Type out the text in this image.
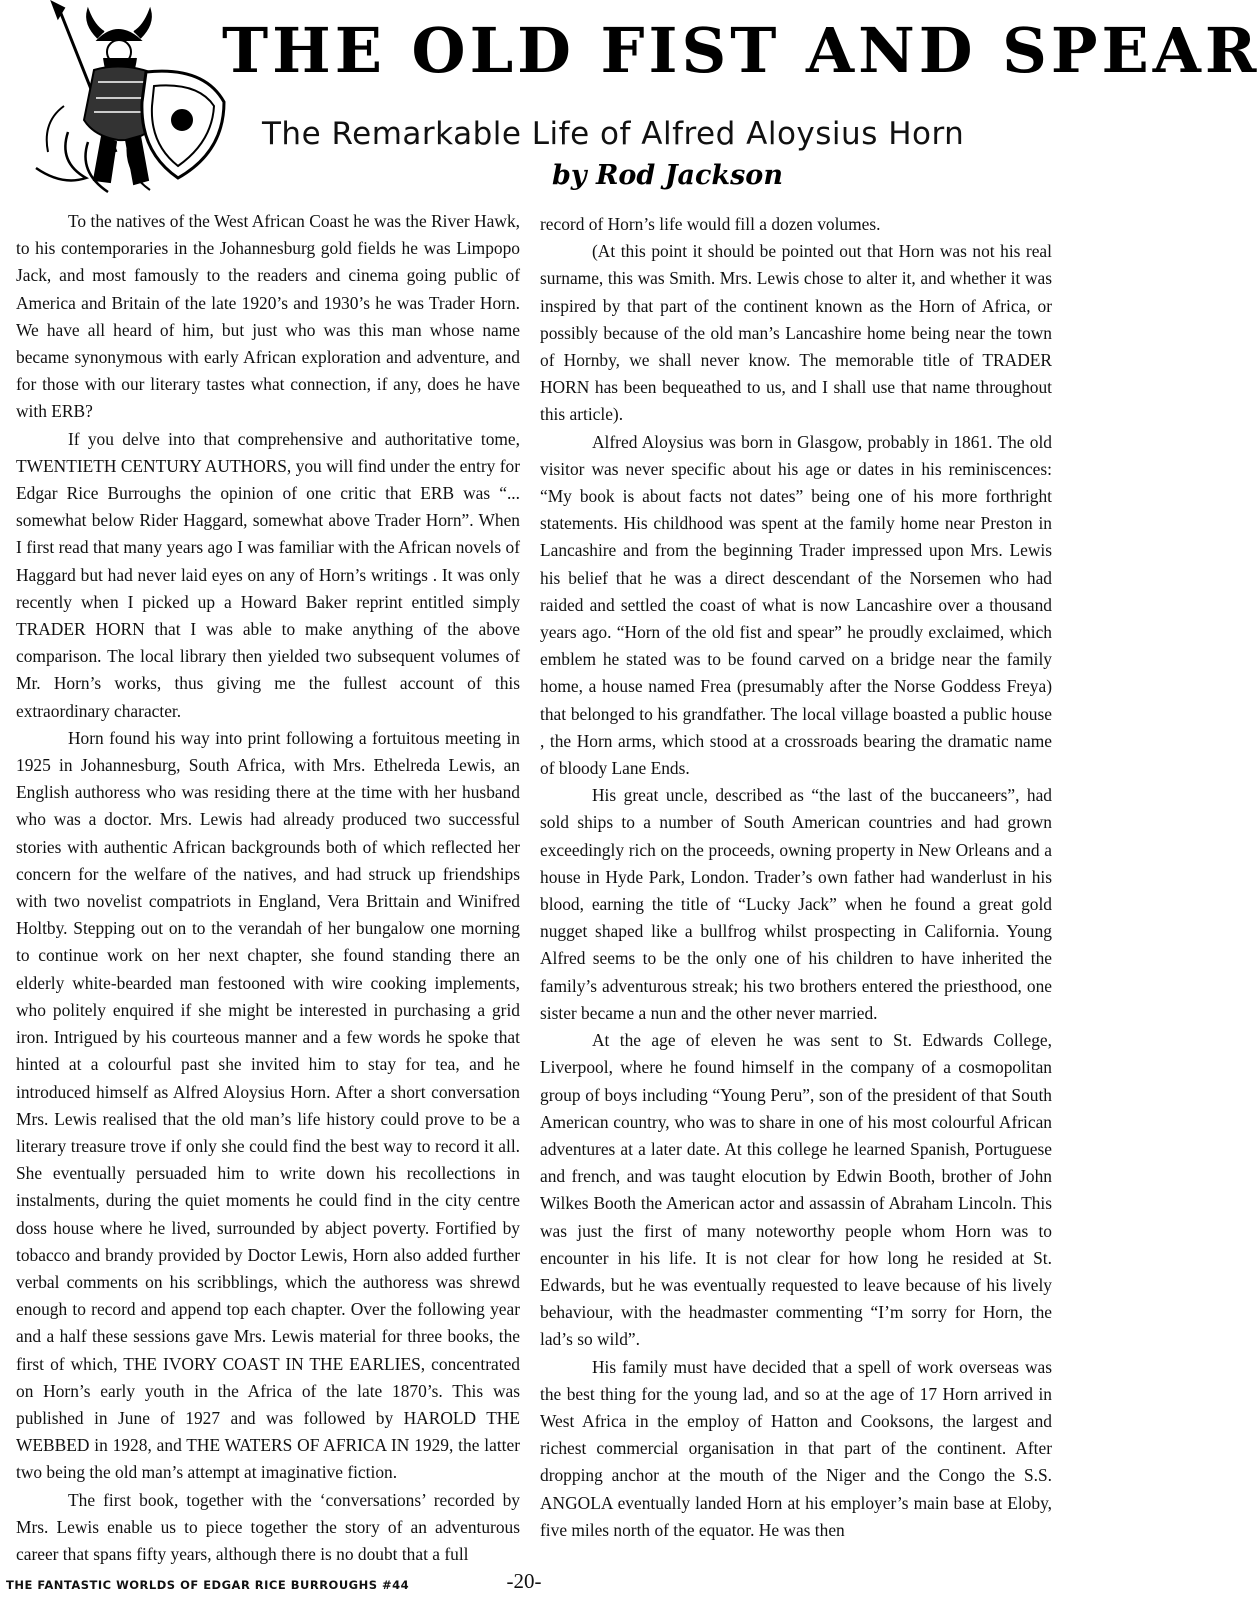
THE OLD FIST AND SPEAR
The Remarkable Life of Alfred Aloysius Horn
by Rod Jackson

To the natives of the West African Coast he was the River Hawk, to his contemporaries in the Johannesburg gold fields he was Limpopo Jack, and most famously to the readers and cinema going public of America and Britain of the late 1920’s and 1930’s he was Trader Horn. We have all heard of him, but just who was this man whose name became synonymous with early African exploration and adventure, and for those with our literary tastes what connection, if any, does he have with ERB?

If you delve into that comprehensive and authoritative tome, TWENTIETH CENTURY AUTHORS, you will find under the entry for Edgar Rice Burroughs the opinion of one critic that ERB was “... somewhat below Rider Haggard, somewhat above Trader Horn”. When I first read that many years ago I was familiar with the African novels of Haggard but had never laid eyes on any of Horn’s writings . It was only recently when I picked up a Howard Baker reprint entitled simply TRADER HORN that I was able to make anything of the above comparison. The local library then yielded two subsequent volumes of Mr. Horn’s works, thus giving me the fullest account of this extraordinary character.

Horn found his way into print following a fortuitous meeting in 1925 in Johannesburg, South Africa, with Mrs. Ethelreda Lewis, an English authoress who was residing there at the time with her husband who was a doctor. Mrs. Lewis had already produced two successful stories with authentic African backgrounds both of which reflected her concern for the welfare of the natives, and had struck up friendships with two novelist compatriots in England, Vera Brittain and Winifred Holtby. Stepping out on to the verandah of her bungalow one morning to continue work on her next chapter, she found standing there an elderly white-bearded man festooned with wire cooking implements, who politely enquired if she might be interested in purchasing a grid iron. Intrigued by his courteous manner and a few words he spoke that hinted at a colourful past she invited him to stay for tea, and he introduced himself as Alfred Aloysius Horn. After a short conversation Mrs. Lewis realised that the old man’s life history could prove to be a literary treasure trove if only she could find the best way to record it all. She eventually persuaded him to write down his recollections in instalments, during the quiet moments he could find in the city centre doss house where he lived, surrounded by abject poverty. Fortified by tobacco and brandy provided by Doctor Lewis, Horn also added further verbal comments on his scribblings, which the authoress was shrewd enough to record and append top each chapter. Over the following year and a half these sessions gave Mrs. Lewis material for three books, the first of which, THE IVORY COAST IN THE EARLIES, concentrated on Horn’s early youth in the Africa of the late 1870’s. This was published in June of 1927 and was followed by HAROLD THE WEBBED in 1928, and THE WATERS OF AFRICA IN 1929, the latter two being the old man’s attempt at imaginative fiction.

The first book, together with the ‘conversations’ recorded by Mrs. Lewis enable us to piece together the story of an adventurous career that spans fifty years, although there is no doubt that a full

record of Horn’s life would fill a dozen volumes.

(At this point it should be pointed out that Horn was not his real surname, this was Smith. Mrs. Lewis chose to alter it, and whether it was inspired by that part of the continent known as the Horn of Africa, or possibly because of the old man’s Lancashire home being near the town of Hornby, we shall never know. The memorable title of TRADER HORN has been bequeathed to us, and I shall use that name throughout this article).

Alfred Aloysius was born in Glasgow, probably in 1861. The old visitor was never specific about his age or dates in his reminiscences: “My book is about facts not dates” being one of his more forthright statements. His childhood was spent at the family home near Preston in Lancashire and from the beginning Trader impressed upon Mrs. Lewis his belief that he was a direct descendant of the Norsemen who had raided and settled the coast of what is now Lancashire over a thousand years ago. “Horn of the old fist and spear” he proudly exclaimed, which emblem he stated was to be found carved on a bridge near the family home, a house named Frea (presumably after the Norse Goddess Freya) that belonged to his grandfather. The local village boasted a public house , the Horn arms, which stood at a crossroads bearing the dramatic name of bloody Lane Ends.

His great uncle, described as “the last of the buccaneers”, had sold ships to a number of South American countries and had grown exceedingly rich on the proceeds, owning property in New Orleans and a house in Hyde Park, London. Trader’s own father had wanderlust in his blood, earning the title of “Lucky Jack” when he found a great gold nugget shaped like a bullfrog whilst prospecting in California. Young Alfred seems to be the only one of his children to have inherited the family’s adventurous streak; his two brothers entered the priesthood, one sister became a nun and the other never married.

At the age of eleven he was sent to St. Edwards College, Liverpool, where he found himself in the company of a cosmopolitan group of boys including “Young Peru”, son of the president of that South American country, who was to share in one of his most colourful African adventures at a later date. At this college he learned Spanish, Portuguese and french, and was taught elocution by Edwin Booth, brother of John Wilkes Booth the American actor and assassin of Abraham Lincoln. This was just the first of many noteworthy people whom Horn was to encounter in his life. It is not clear for how long he resided at St. Edwards, but he was eventually requested to leave because of his lively behaviour, with the headmaster commenting “I’m sorry for Horn, the lad’s so wild”.

His family must have decided that a spell of work overseas was the best thing for the young lad, and so at the age of 17 Horn arrived in West Africa in the employ of Hatton and Cooksons, the largest and richest commercial organisation in that part of the continent. After dropping anchor at the mouth of the Niger and the Congo the S.S. ANGOLA eventually landed Horn at his employer’s main base at Eloby, five miles north of the equator. He was then

THE FANTASTIC WORLDS OF EDGAR RICE BURROUGHS #44	-20-
